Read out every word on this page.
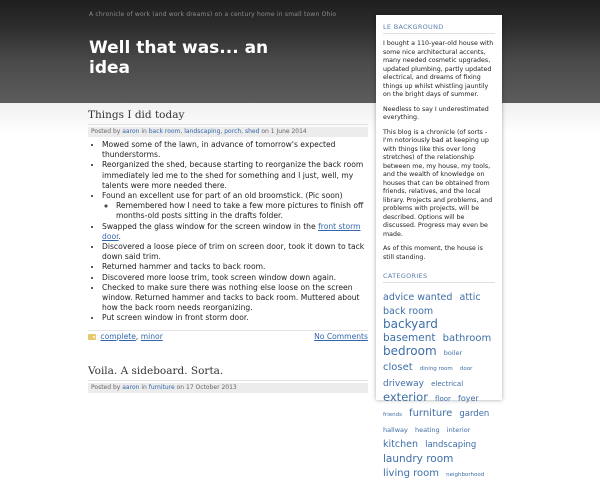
A chronicle of work (and work dreams) on a century home in small town Ohio
Well that was... an idea
Things I did today
Posted by aaron in back room, landscaping, porch, shed on 1 June 2014
• Mowed some of the lawn, in advance of tomorrow's expected thunderstorms.
• Reorganized the shed, because starting to reorganize the back room immediately led me to the shed for something and I just, well, my talents were more needed there.
• Found an excellent use for part of an old broomstick. (Pic soon)
◦ Remembered how I need to take a few more pictures to finish off months-old posts sitting in the drafts folder.
• Swapped the glass window for the screen window in the front storm door.
• Discovered a loose piece of trim on screen door, took it down to tack down said trim.
• Returned hammer and tacks to back room.
• Discovered more loose trim, took screen window down again.
• Checked to make sure there was nothing else loose on the screen window. Returned hammer and tacks to back room. Muttered about how the back room needs reorganizing.
• Put screen window in front storm door.
complete, minor	No Comments
Voila. A sideboard. Sorta.
Posted by aaron in furniture on 17 October 2013
LE BACKGROUND

I bought a 110-year-old house with some nice architectural accents, many needed cosmetic upgrades, updated plumbing, partly updated electrical, and dreams of fixing things up whilst whistling jauntily on the bright days of summer.

Needless to say I underestimated everything.

This blog is a chronicle (of sorts - I'm notoriously bad at keeping up with things like this over long stretches) of the relationship between me, my house, my tools, and the wealth of knowledge on houses that can be obtained from friends, relatives, and the local library. Projects and problems, and problems with projects, will be described. Options will be discussed. Progress may even be made.

As of this moment, the house is still standing.

CATEGORIES
advice wanted attic back room backyard basement bathroom bedroom boiler closet dining room door driveway electrical exterior floor foyer friends furniture garden hallway heating interior kitchen landscaping laundry room living room neighborhood
